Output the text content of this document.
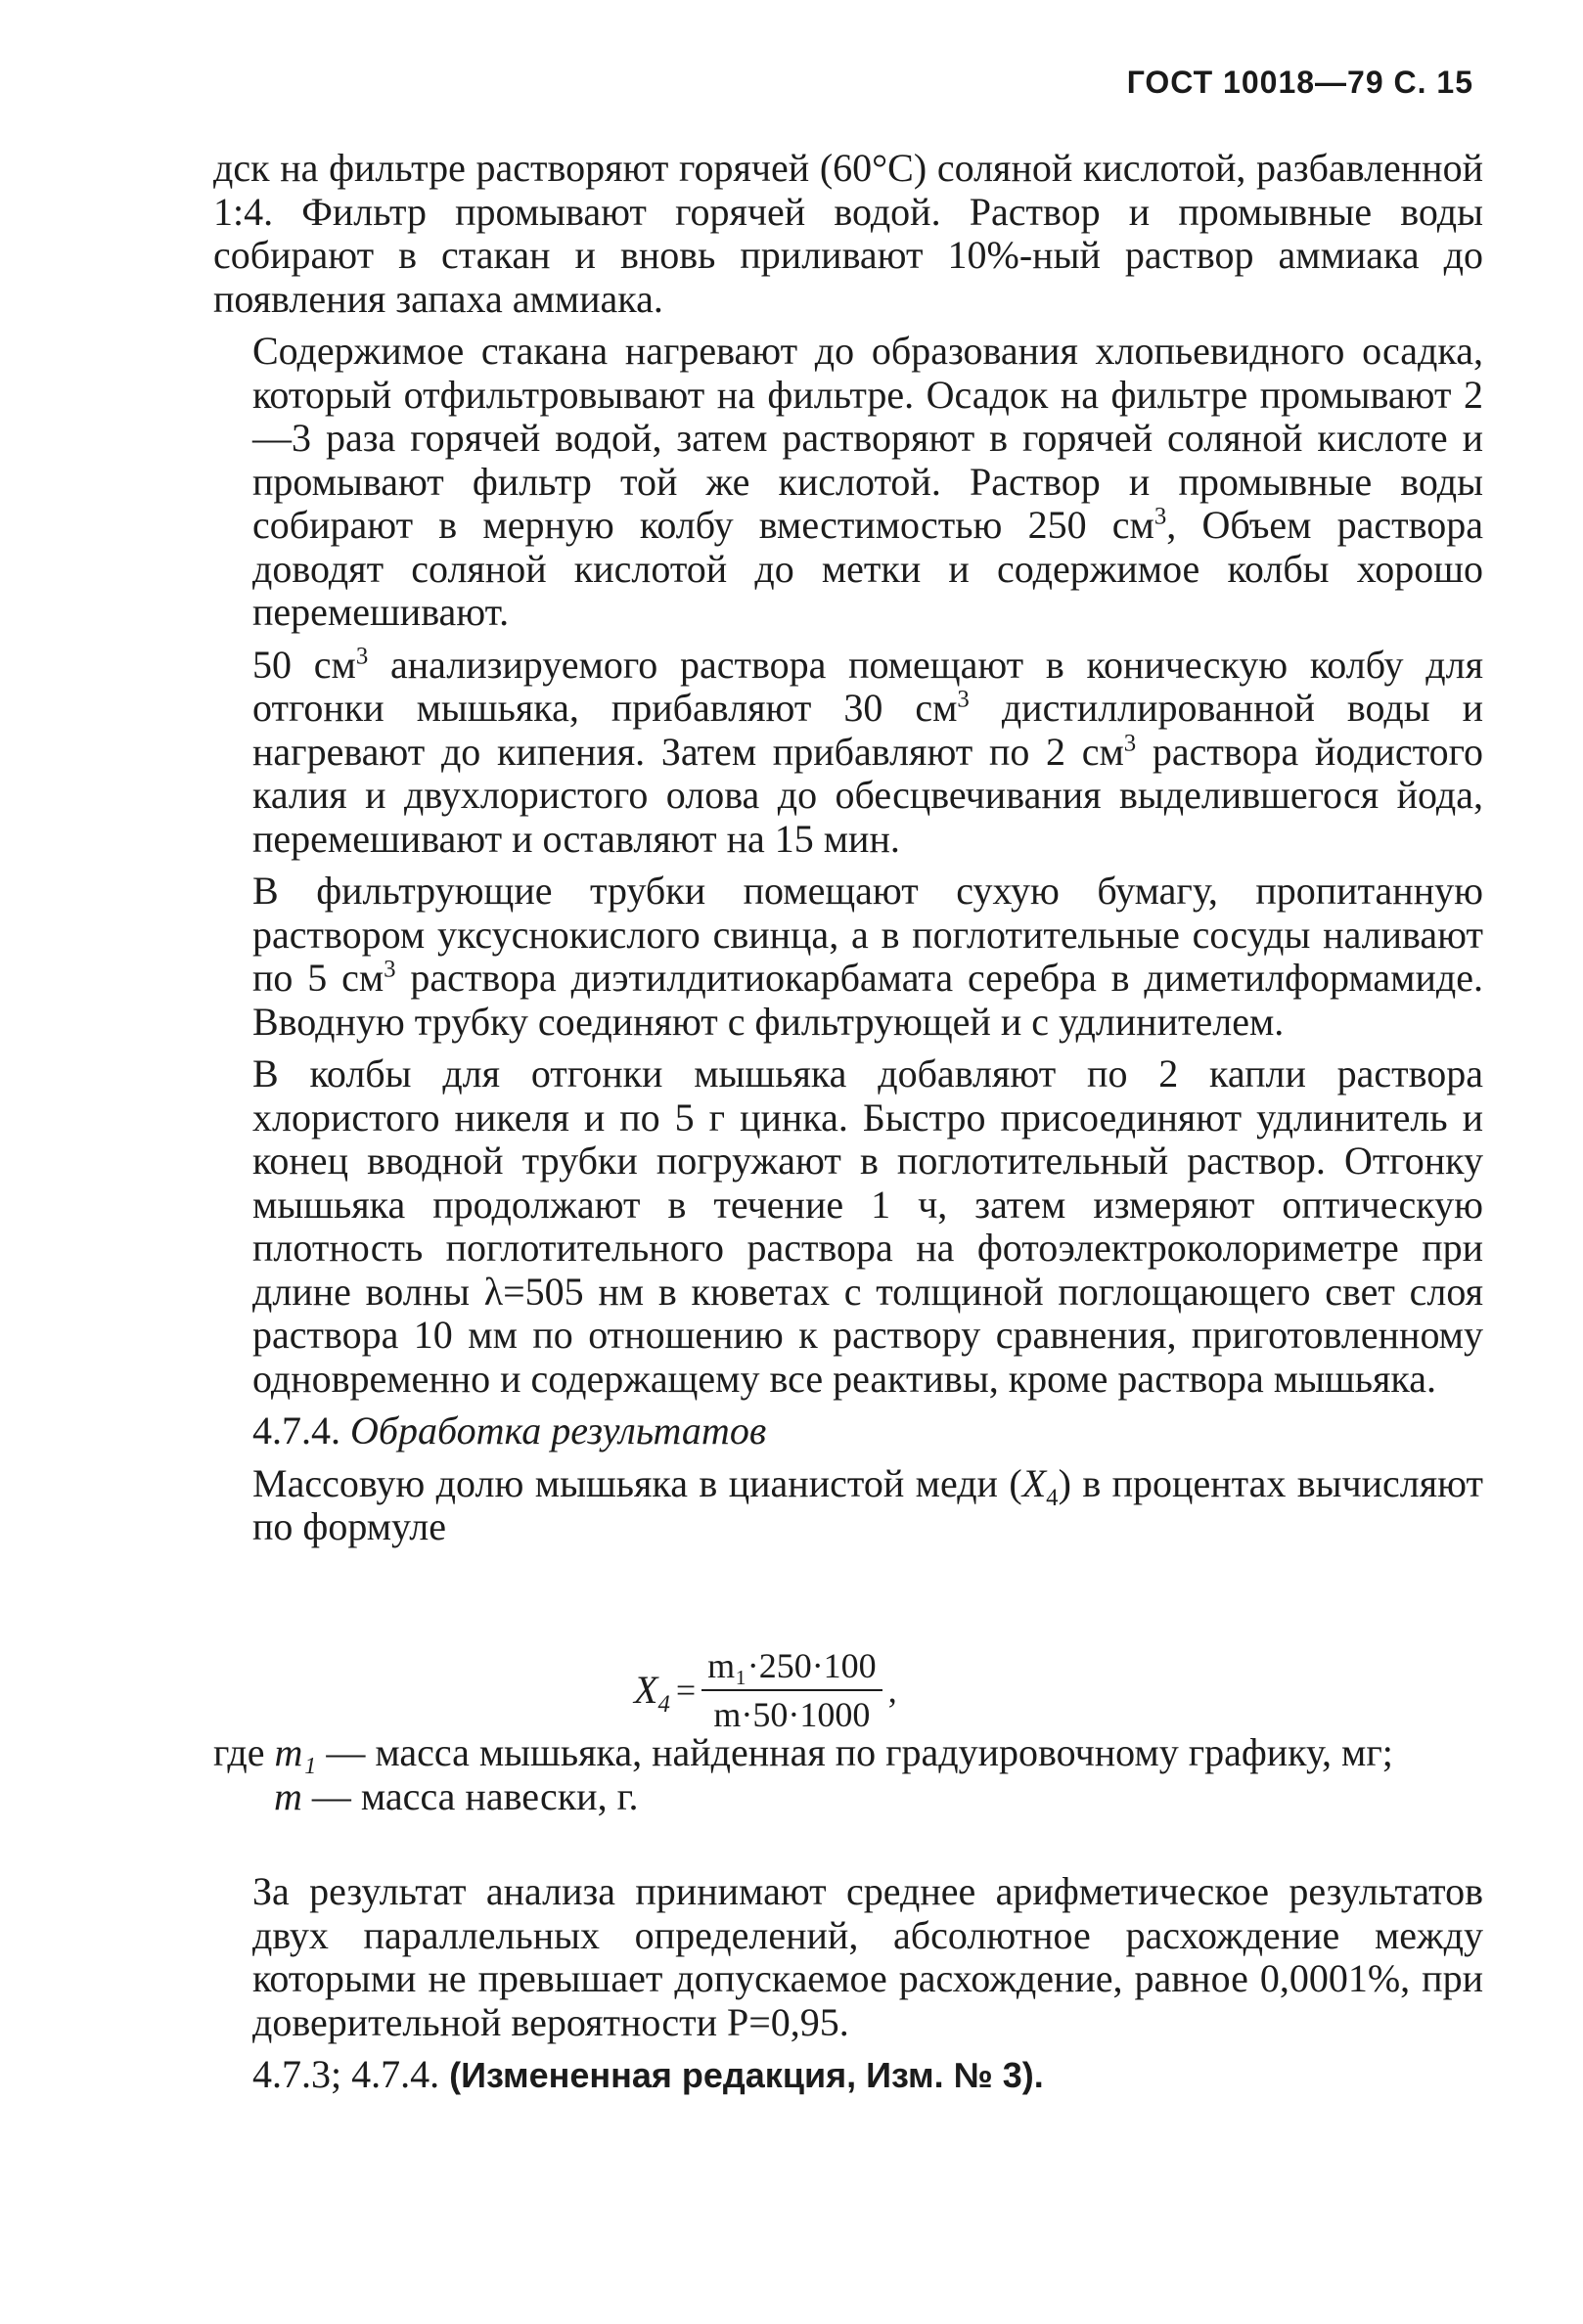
ГОСТ 10018—79 С. 15

дск на фильтре растворяют горячей (60°С) соляной кислотой, разбавленной 1:4. Фильтр промывают горячей водой. Раствор и промывные воды собирают в стакан и вновь приливают 10%-ный раствор аммиака до появления запаха аммиака.

Содержимое стакана нагревают до образования хлопьевидного осадка, который отфильтровывают на фильтре. Осадок на фильтре промывают 2—3 раза горячей водой, затем растворяют в горячей соляной кислоте и промывают фильтр той же кислотой. Раствор и промывные воды собирают в мерную колбу вместимостью 250 $см^3$, Объем раствора доводят соляной кислотой до метки и содержимое колбы хорошо перемешивают.

50 $см^3$ анализируемого раствора помещают в коническую колбу для отгонки мышьяка, прибавляют 30 $см^3$ дистиллированной воды и нагревают до кипения. Затем прибавляют по 2 $см^3$ раствора йодистого калия и двухлористого олова до обесцвечивания выделившегося йода, перемешивают и оставляют на 15 мин.

В фильтрующие трубки помещают сухую бумагу, пропитанную раствором уксуснокислого свинца, а в поглотительные сосуды наливают по 5 $см^3$ раствора диэтилдитиокарбамата серебра в диметилформамиде. Вводную трубку соединяют с фильтрующей и с удлинителем.

В колбы для отгонки мышьяка добавляют по 2 капли раствора хлористого никеля и по 5 г цинка. Быстро присоединяют удлинитель и конец вводной трубки погружают в поглотительный раствор. Отгонку мышьяка продолжают в течение 1 ч, затем измеряют оптическую плотность поглотительного раствора на фотоэлектроколориметре при длине волны λ=505 нм в кюветах с толщиной поглощающего свет слоя раствора 10 мм по отношению к раствору сравнения, приготовленному одновременно и содержащему все реактивы, кроме раствора мышьяка.

4.7.4. Обработка результатов

Массовую долю мышьяка в цианистой меди $(X_4)$ в процентах вычисляют по формуле

$X_4 = \frac{\text{m₁·250·100}}{m\cdot 50\cdot 1000}$ ,
где m₁ — масса мышьяка, найденная по градуировочному графику, мг;
m — масса навески, г.

За результат анализа принимают среднее арифметическое результатов двух параллельных определений, абсолютное расхождение между которыми не превышает допускаемое расхождение, равное 0,0001%, при доверительной вероятности Р=0,95.

4.7.3; 4.7.4. (Измененная редакция, Изм. № 3).
